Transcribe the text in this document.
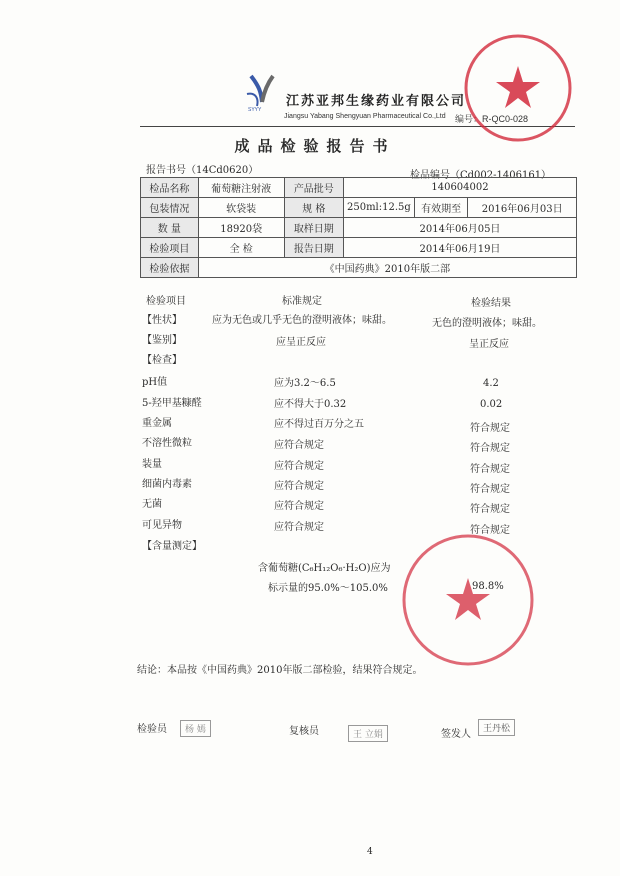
SYYY
江苏亚邦生缘药业有限公司
Jiangsu Yabang Shengyuan Pharmaceutical Co.,Ltd 编号：R-QC0-028
成品检验报告书
报告书号（14Cd0620）	检品编号（Cd002-1406161）
检品名称	葡萄糖注射液	产品批号	140604002		
包装情况	软袋装	规 格	250ml:12.5g	有效期至	2016年06月03日
数 量	18920袋	取样日期	2014年06月05日		
检验项目	全 检	报告日期	2014年06月19日		
检验依据	《中国药典》2010年版二部				
检验项目	标准规定	检验结果
【性状】	应为无色或几乎无色的澄明液体；味甜。	无色的澄明液体；味甜。
【鉴别】	应呈正反应	呈正反应
【检查】
pH值	应为3.2～6.5	4.2
5-羟甲基糠醛	应不得大于0.32	0.02
重金属	应不得过百万分之五	符合规定
不溶性微粒	应符合规定	符合规定
装量	应符合规定	符合规定
细菌内毒素	应符合规定	符合规定
无菌	应符合规定	符合规定
可见异物	应符合规定	符合规定
【含量测定】
含葡萄糖(C₆H₁₂O₆·H₂O)应为
标示量的95.0%～105.0%	98.8%
结论：本品按《中国药典》2010年版二部检验，结果符合规定。
检验员	杨 嫣	复核员	王 立娟	签发人	王丹松
4
